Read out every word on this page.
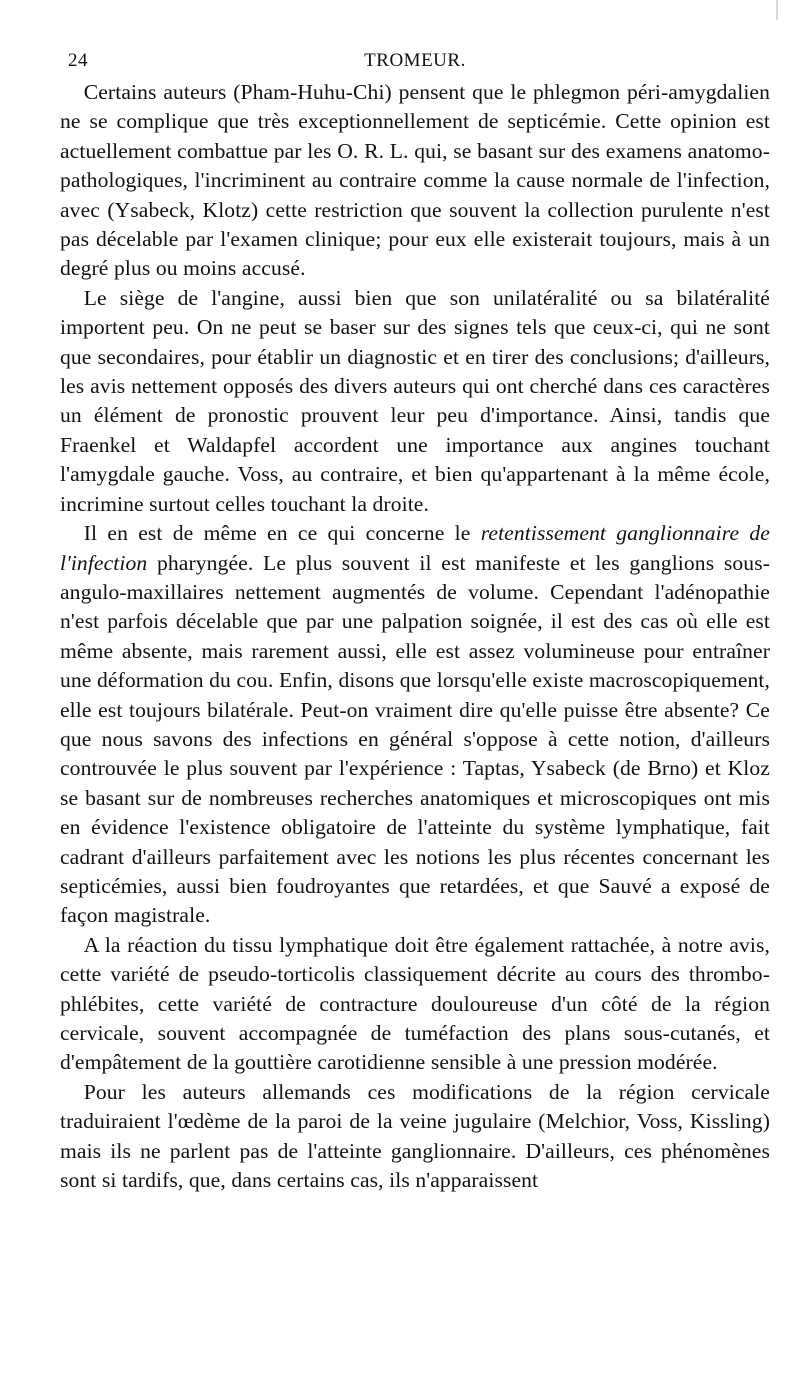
24	TROMEUR.

Certains auteurs (Pham-Huhu-Chi) pensent que le phlegmon péri-amygdalien ne se complique que très exceptionnellement de septicémie. Cette opinion est actuellement combattue par les O. R. L. qui, se basant sur des examens anatomo-pathologiques, l'incriminent au contraire comme la cause normale de l'infection, avec (Ysabeck, Klotz) cette restriction que souvent la collection purulente n'est pas décelable par l'examen clinique; pour eux elle existerait toujours, mais à un degré plus ou moins accusé.

Le siège de l'angine, aussi bien que son unilatéralité ou sa bilatéralité importent peu. On ne peut se baser sur des signes tels que ceux-ci, qui ne sont que secondaires, pour établir un diagnostic et en tirer des conclusions; d'ailleurs, les avis nettement opposés des divers auteurs qui ont cherché dans ces caractères un élément de pronostic prouvent leur peu d'importance. Ainsi, tandis que Fraenkel et Waldapfel accordent une importance aux angines touchant l'amygdale gauche. Voss, au contraire, et bien qu'appartenant à la même école, incrimine surtout celles touchant la droite.

Il en est de même en ce qui concerne le retentissement ganglionnaire de l'infection pharyngée. Le plus souvent il est manifeste et les ganglions sous-angulo-maxillaires nettement augmentés de volume. Cependant l'adénopathie n'est parfois décelable que par une palpation soignée, il est des cas où elle est même absente, mais rarement aussi, elle est assez volumineuse pour entraîner une déformation du cou. Enfin, disons que lorsqu'elle existe macroscopiquement, elle est toujours bilatérale. Peut-on vraiment dire qu'elle puisse être absente? Ce que nous savons des infections en général s'oppose à cette notion, d'ailleurs controuvée le plus souvent par l'expérience : Taptas, Ysabeck (de Brno) et Kloz se basant sur de nombreuses recherches anatomiques et microscopiques ont mis en évidence l'existence obligatoire de l'atteinte du système lymphatique, fait cadrant d'ailleurs parfaitement avec les notions les plus récentes concernant les septicémies, aussi bien foudroyantes que retardées, et que Sauvé a exposé de façon magistrale.

A la réaction du tissu lymphatique doit être également rattachée, à notre avis, cette variété de pseudo-torticolis classiquement décrite au cours des thrombo-phlébites, cette variété de contracture douloureuse d'un côté de la région cervicale, souvent accompagnée de tuméfaction des plans sous-cutanés, et d'empâtement de la gouttière carotidienne sensible à une pression modérée.

Pour les auteurs allemands ces modifications de la région cervicale traduiraient l'œdème de la paroi de la veine jugulaire (Melchior, Voss, Kissling) mais ils ne parlent pas de l'atteinte ganglionnaire. D'ailleurs, ces phénomènes sont si tardifs, que, dans certains cas, ils n'apparaissent
